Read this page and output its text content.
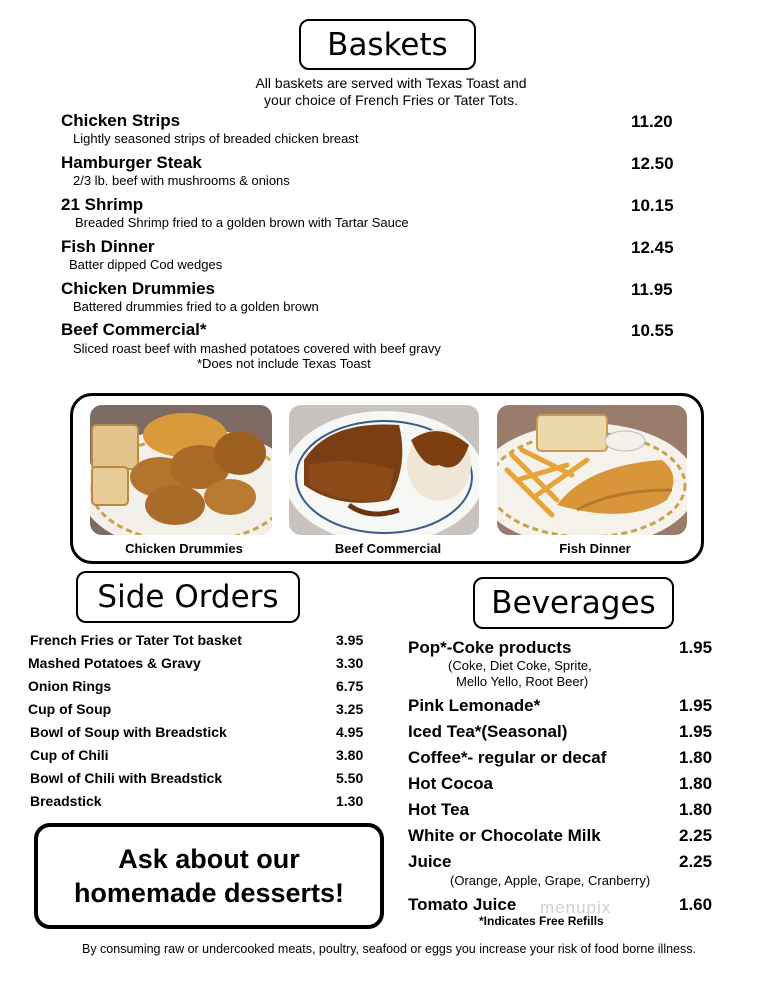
Baskets
All baskets are served with Texas Toast and
your choice of French Fries or Tater Tots.
Chicken Strips
Lightly seasoned strips of breaded chicken breast
11.20
Hamburger Steak
2/3 lb. beef with mushrooms & onions
12.50
21 Shrimp
Breaded Shrimp fried to a golden brown with Tartar Sauce
10.15
Fish Dinner
Batter dipped Cod wedges
12.45
Chicken Drummies
Battered drummies fried to a golden brown
11.95
Beef Commercial*
Sliced roast beef with mashed potatoes covered with beef gravy
10.55
*Does not include Texas Toast
Chicken Drummies	Beef Commercial	Fish Dinner
Side Orders
French Fries or Tater Tot basket	3.95
Mashed Potatoes & Gravy	3.30
Onion Rings	6.75
Cup of Soup	3.25
Bowl of Soup with Breadstick	4.95
Cup of Chili	3.80
Bowl of Chili with Breadstick	5.50
Breadstick	1.30
Ask about our
homemade desserts!
Beverages
Pop*-Coke products	1.95
(Coke, Diet Coke, Sprite,
Mello Yello, Root Beer)
Pink Lemonade*	1.95
Iced Tea*(Seasonal)	1.95
Coffee*- regular or decaf	1.80
Hot Cocoa	1.80
Hot Tea	1.80
White or Chocolate Milk	2.25
Juice	2.25
(Orange, Apple, Grape, Cranberry)
Tomato Juice	1.60
*Indicates Free Refills
menupix
By consuming raw or undercooked meats, poultry, seafood or eggs you increase your risk of food borne illness.
